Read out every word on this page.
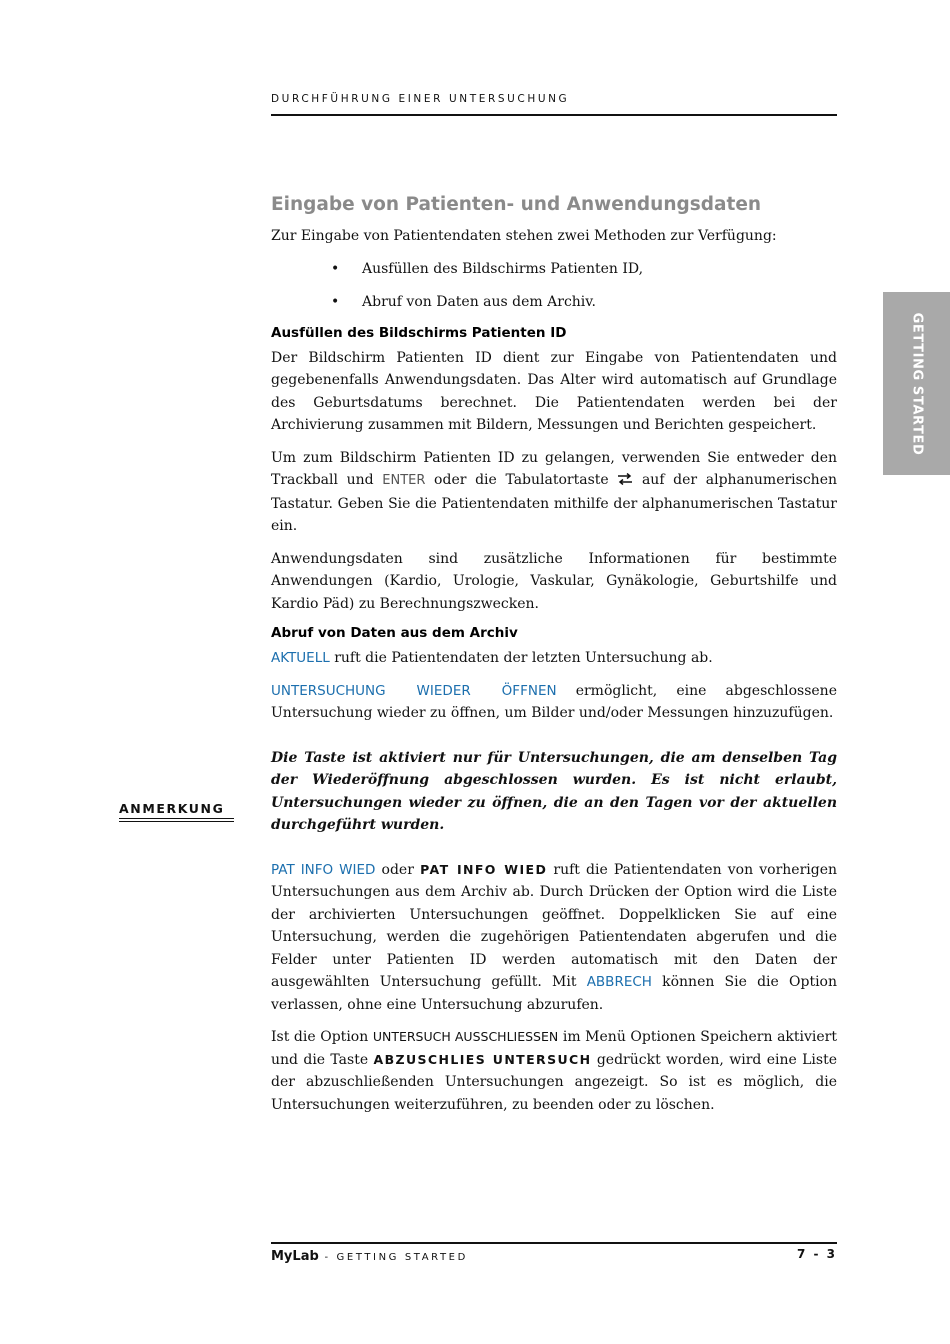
DURCHFÜHRUNG EINER UNTERSUCHUNG
GETTING STARTED
Eingabe von Patienten- und Anwendungsdaten

Zur Eingabe von Patientendaten stehen zwei Methoden zur Verfügung:

• Ausfüllen des Bildschirms Patienten ID,
• Abruf von Daten aus dem Archiv.
Ausfüllen des Bildschirms Patienten ID

Der Bildschirm Patienten ID dient zur Eingabe von Patientendaten und gegebenenfalls Anwendungsdaten. Das Alter wird automatisch auf Grundlage des Geburtsdatums berechnet. Die Patientendaten werden bei der Archivierung zusammen mit Bildern, Messungen und Berichten gespeichert.

Um zum Bildschirm Patienten ID zu gelangen, verwenden Sie entweder den Trackball und ENTER oder die Tabulatortaste  auf der alphanumerischen Tastatur. Geben Sie die Patientendaten mithilfe der alphanumerischen Tastatur ein.

Anwendungsdaten sind zusätzliche Informationen für bestimmte Anwendungen (Kardio, Urologie, Vaskular, Gynäkologie, Geburtshilfe und Kardio Päd) zu Berechnungszwecken.

Abruf von Daten aus dem Archiv

AKTUELL ruft die Patientendaten der letzten Untersuchung ab.

UNTERSUCHUNG WIEDER ÖFFNEN ermöglicht, eine abgeschlossene Untersuchung wieder zu öffnen, um Bilder und/oder Messungen hinzuzufügen.

Die Taste ist aktiviert nur für Untersuchungen, die am denselben Tag der Wiederöffnung abgeschlossen wurden. Es ist nicht erlaubt, Untersuchungen wieder zu öffnen, die an den Tagen vor der aktuellen durchgeführt wurden.

PAT INFO WIED oder PAT INFO WIED ruft die Patientendaten von vorherigen Untersuchungen aus dem Archiv ab. Durch Drücken der Option wird die Liste der archivierten Untersuchungen geöffnet. Doppelklicken Sie auf eine Untersuchung, werden die zugehörigen Patientendaten abgerufen und die Felder unter Patienten ID werden automatisch mit den Daten der ausgewählten Untersuchung gefüllt. Mit ABBRECH können Sie die Option verlassen, ohne eine Untersuchung abzurufen.

Ist die Option UNTERSUCH AUSSCHLIESSEN im Menü Optionen Speichern aktiviert und die Taste ABZUSCHLIES UNTERSUCH gedrückt worden, wird eine Liste der abzuschließenden Untersuchungen angezeigt. So ist es möglich, die Untersuchungen weiterzuführen, zu beenden oder zu löschen.

ANMERKUNG
MyLab - GETTING STARTED	7 - 3
